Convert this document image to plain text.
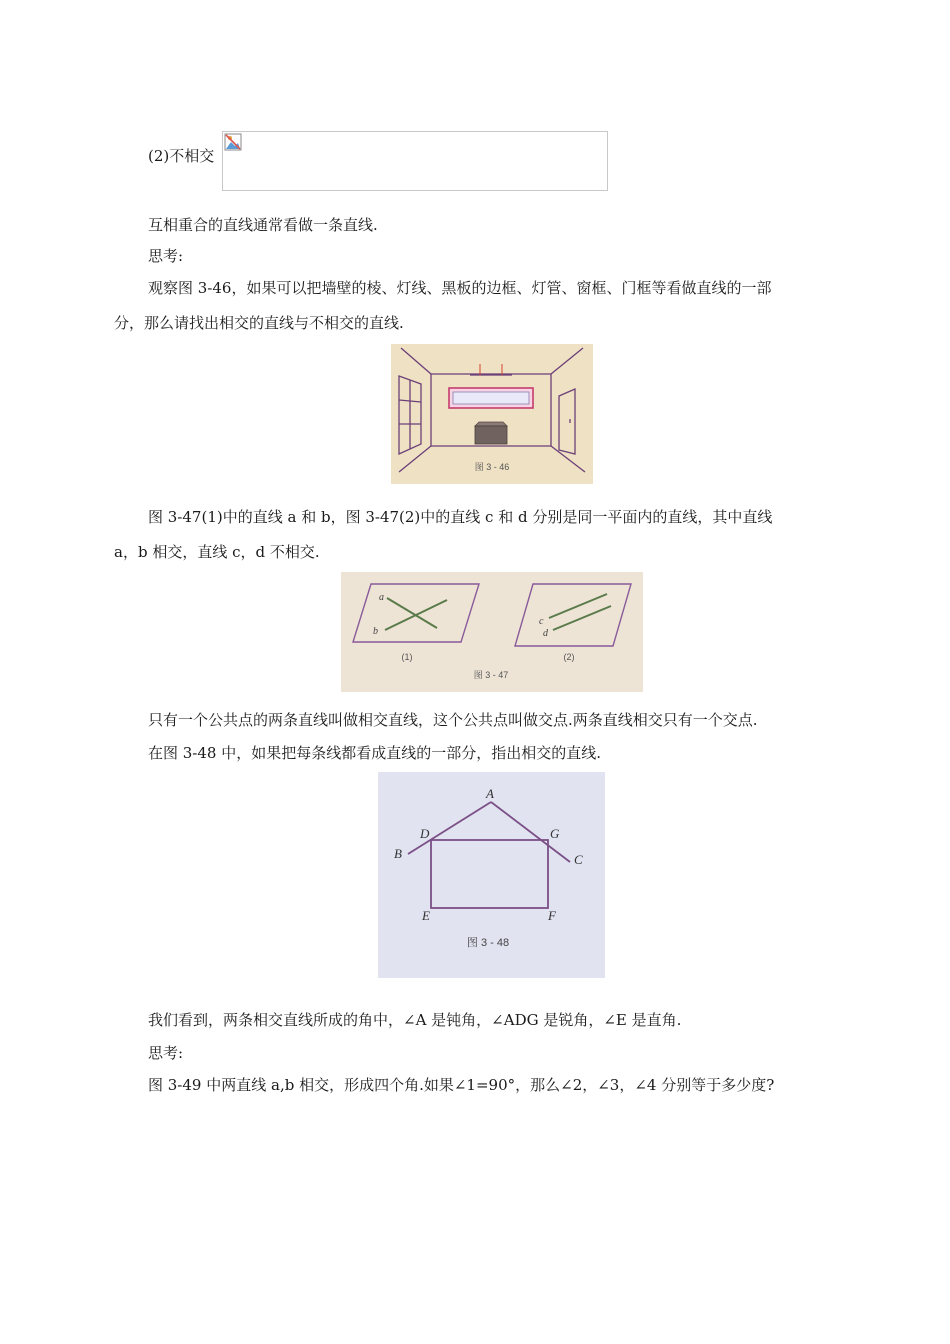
(2)不相交
互相重合的直线通常看做一条直线.
思考:
观察图 3-46，如果可以把墙壁的棱、灯线、黑板的边框、灯管、窗框、门框等看做直线的一部
分，那么请找出相交的直线与不相交的直线.
图 3 - 46
图 3-47(1)中的直线 a 和 b，图 3-47(2)中的直线 c 和 d 分别是同一平面内的直线，其中直线
a，b 相交，直线 c，d 不相交.
a
b
c
d
(1)	(2)
图 3 - 47
只有一个公共点的两条直线叫做相交直线，这个公共点叫做交点.两条直线相交只有一个交点.
在图 3-48 中，如果把每条线都看成直线的一部分，指出相交的直线.
A
B	C
D
E	F
G
图 3 - 48
我们看到，两条相交直线所成的角中，∠A 是钝角，∠ADG 是锐角，∠E 是直角.
思考:
图 3-49 中两直线 a,b 相交，形成四个角.如果∠1=90°，那么∠2，∠3，∠4 分别等于多少度?
